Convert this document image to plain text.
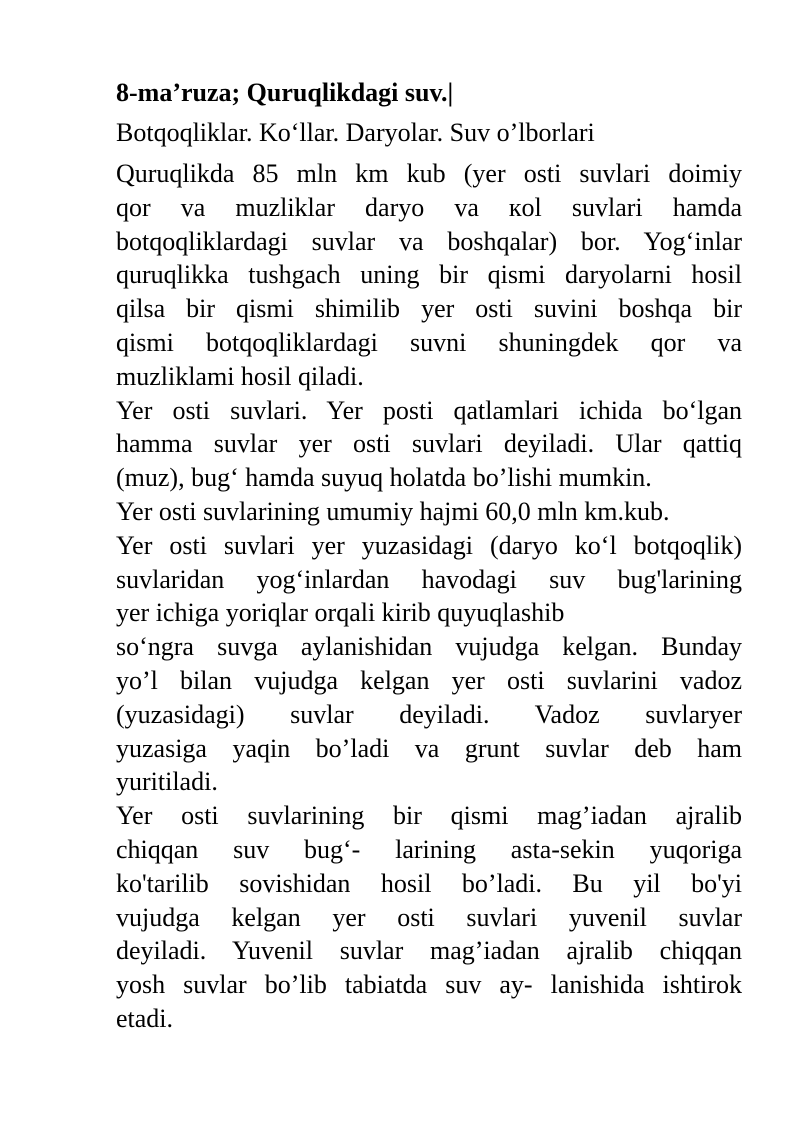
8-ma’ruza; Quruqlikdagi suv.|
Botqoqliklar. Ko‘llar. Daryolar. Suv o’lborlari
Quruqlikda 85 mln km kub (yer osti suvlari doimiy
qor va muzliklar daryo va кol suvlari hamda
botqoqliklardagi suvlar va boshqalar) bor. Yog‘inlar
quruqlikka tushgach uning bir qismi daryolarni hosil
qilsa bir qismi shimilib yer osti suvini boshqa bir
qismi botqoqliklardagi suvni shuningdek qor va
muzliklami hosil qiladi.
Yer osti suvlari. Yer posti qatlamlari ichida bo‘lgan
hamma suvlar yer osti suvlari deyiladi. Ular qattiq
(muz), bug‘ hamda suyuq holatda bo’lishi mumkin.
Yer osti suvlarining umumiy hajmi 60,0 mln km.kub.
Yer osti suvlari yer yuzasidagi (daryo ko‘l botqoqlik)
suvlaridan yog‘inlardan havodagi suv bug'larining
yer ichiga yoriqlar orqali kirib quyuqlashib
so‘ngra suvga aylanishidan vujudga kelgan. Bunday
yo’l bilan vujudga kelgan yer osti suvlarini vadoz
(yuzasidagi) suvlar deyiladi. Vadoz suvlaryer
yuzasiga yaqin bo’ladi va grunt suvlar deb ham
yuritiladi.
Yer osti suvlarining bir qismi mag’iadan ajralib
chiqqan suv bug‘- larining asta-sekin yuqoriga
ko'tarilib sovishidan hosil bo’ladi. Bu yil bo'yi
vujudga kelgan yer osti suvlari yuvenil suvlar
deyiladi. Yuvenil suvlar mag’iadan ajralib chiqqan
yosh suvlar bo’lib tabiatda suv ay- lanishida ishtirok
etadi.
